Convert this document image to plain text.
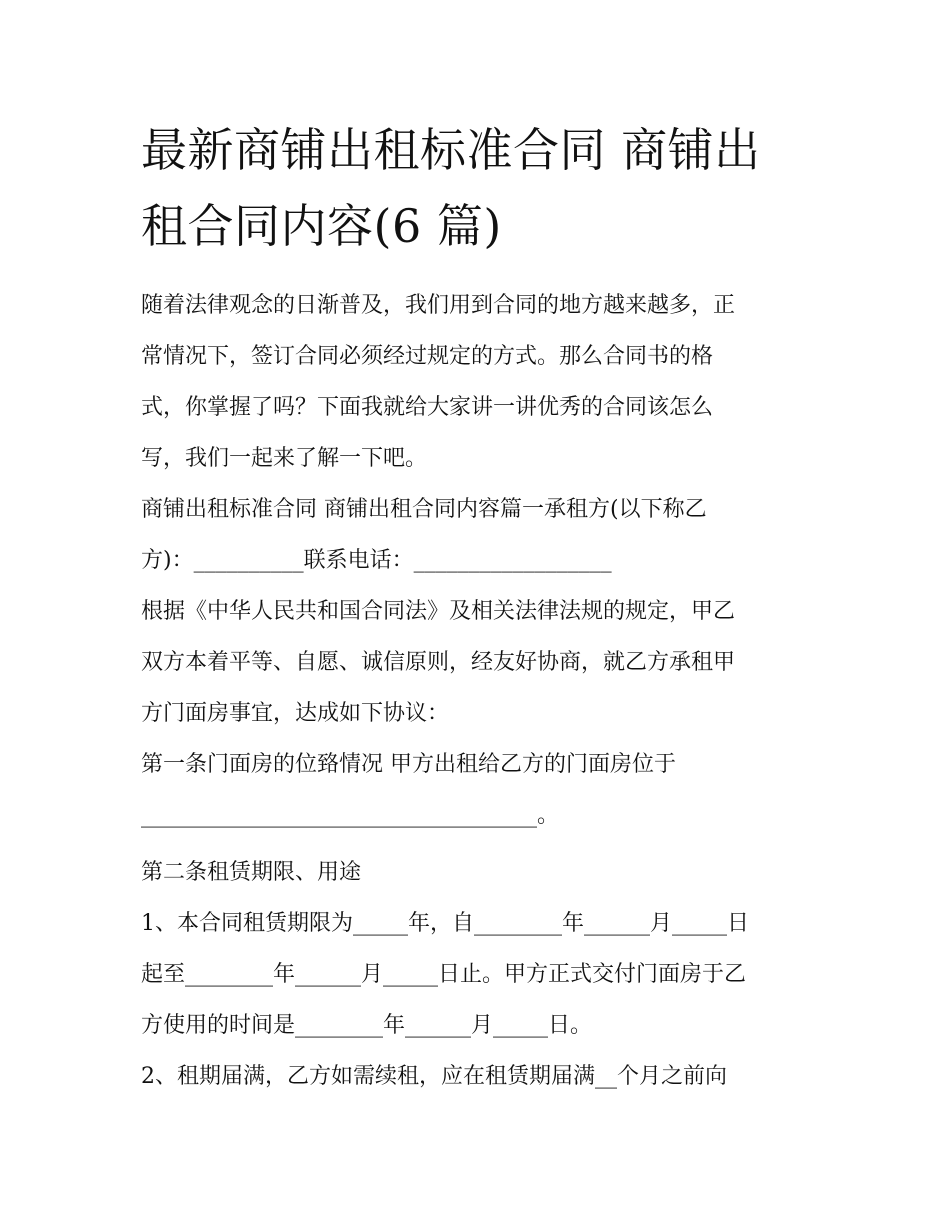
最新商铺出租标准合同 商铺出
租合同内容(6 篇)
随着法律观念的日渐普及，我们用到合同的地方越来越多，正
常情况下，签订合同必须经过规定的方式。那么合同书的格
式，你掌握了吗？下面我就给大家讲一讲优秀的合同该怎么
写，我们一起来了解一下吧。
商铺出租标准合同 商铺出租合同内容篇一承租方(以下称乙
方)：__________联系电话：__________________
根据《中华人民共和国合同法》及相关法律法规的规定，甲乙
双方本着平等、自愿、诚信原则，经友好协商，就乙方承租甲
方门面房事宜，达成如下协议：
第一条门面房的位臵情况 甲方出租给乙方的门面房位于
____________________________________。
第二条租赁期限、用途
1、本合同租赁期限为_____年，自________年______月_____日
起至________年______月_____日止。甲方正式交付门面房于乙
方使用的时间是________年______月_____日。
2、租期届满，乙方如需续租，应在租赁期届满__个月之前向
